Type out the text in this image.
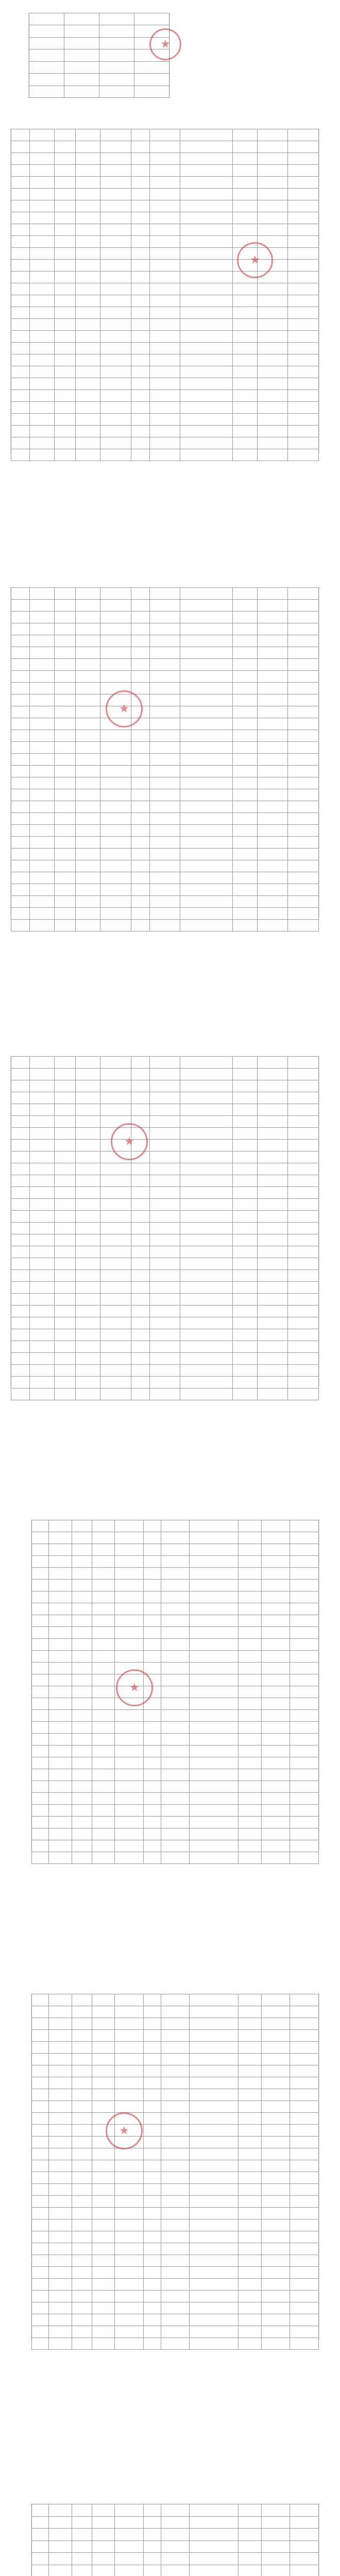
★

★

★

★

★

★
